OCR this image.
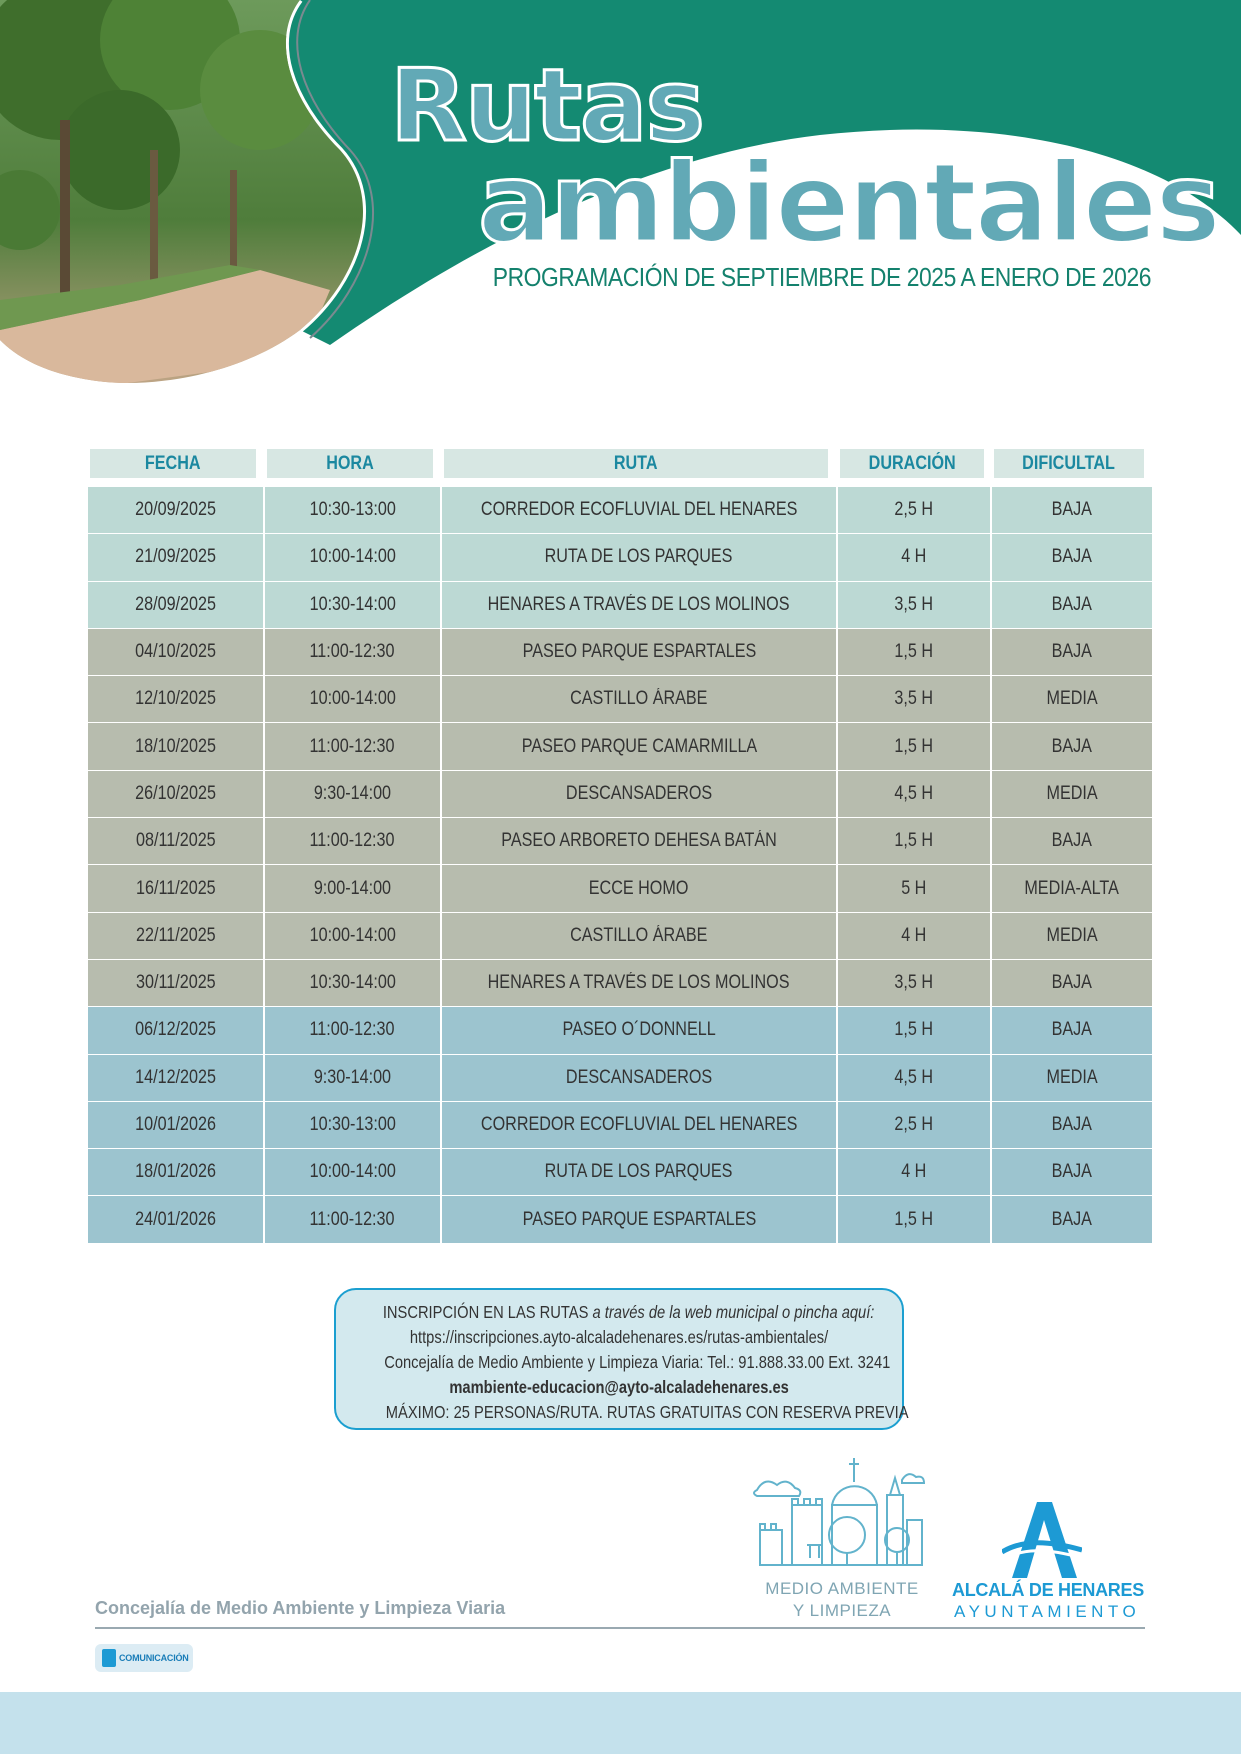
Rutas
ambientales
PROGRAMACIÓN DE SEPTIEMBRE DE 2025 A ENERO DE 2026
FECHA	HORA	RUTA	DURACIÓN	DIFICULTAL
20/09/2025	10:30-13:00	CORREDOR ECOFLUVIAL DEL HENARES	2,5 H	BAJA
21/09/2025	10:00-14:00	RUTA DE LOS PARQUES	4 H	BAJA
28/09/2025	10:30-14:00	HENARES A TRAVÉS DE LOS MOLINOS	3,5 H	BAJA
04/10/2025	11:00-12:30	PASEO PARQUE ESPARTALES	1,5 H	BAJA
12/10/2025	10:00-14:00	CASTILLO ÁRABE	3,5 H	MEDIA
18/10/2025	11:00-12:30	PASEO PARQUE CAMARMILLA	1,5 H	BAJA
26/10/2025	9:30-14:00	DESCANSADEROS	4,5 H	MEDIA
08/11/2025	11:00-12:30	PASEO ARBORETO DEHESA BATÁN	1,5 H	BAJA
16/11/2025	9:00-14:00	ECCE HOMO	5 H	MEDIA-ALTA
22/11/2025	10:00-14:00	CASTILLO ÁRABE	4 H	MEDIA
30/11/2025	10:30-14:00	HENARES A TRAVÉS DE LOS MOLINOS	3,5 H	BAJA
06/12/2025	11:00-12:30	PASEO O´DONNELL	1,5 H	BAJA
14/12/2025	9:30-14:00	DESCANSADEROS	4,5 H	MEDIA
10/01/2026	10:30-13:00	CORREDOR ECOFLUVIAL DEL HENARES	2,5 H	BAJA
18/01/2026	10:00-14:00	RUTA DE LOS PARQUES	4 H	BAJA
24/01/2026	11:00-12:30	PASEO PARQUE ESPARTALES	1,5 H	BAJA
INSCRIPCIÓN EN LAS RUTAS a través de la web municipal o pincha aquí:
https://inscripciones.ayto-alcaladehenares.es/rutas-ambientales/
Concejalía de Medio Ambiente y Limpieza Viaria: Tel.: 91.888.33.00 Ext. 3241
mambiente-educacion@ayto-alcaladehenares.es
MÁXIMO: 25 PERSONAS/RUTA. RUTAS GRATUITAS CON RESERVA PREVIA
MEDIO AMBIENTE
Y LIMPIEZA
ALCALÁ DE HENARES
AYUNTAMIENTO
Concejalía de Medio Ambiente y Limpieza Viaria
COMUNICACIÓN
